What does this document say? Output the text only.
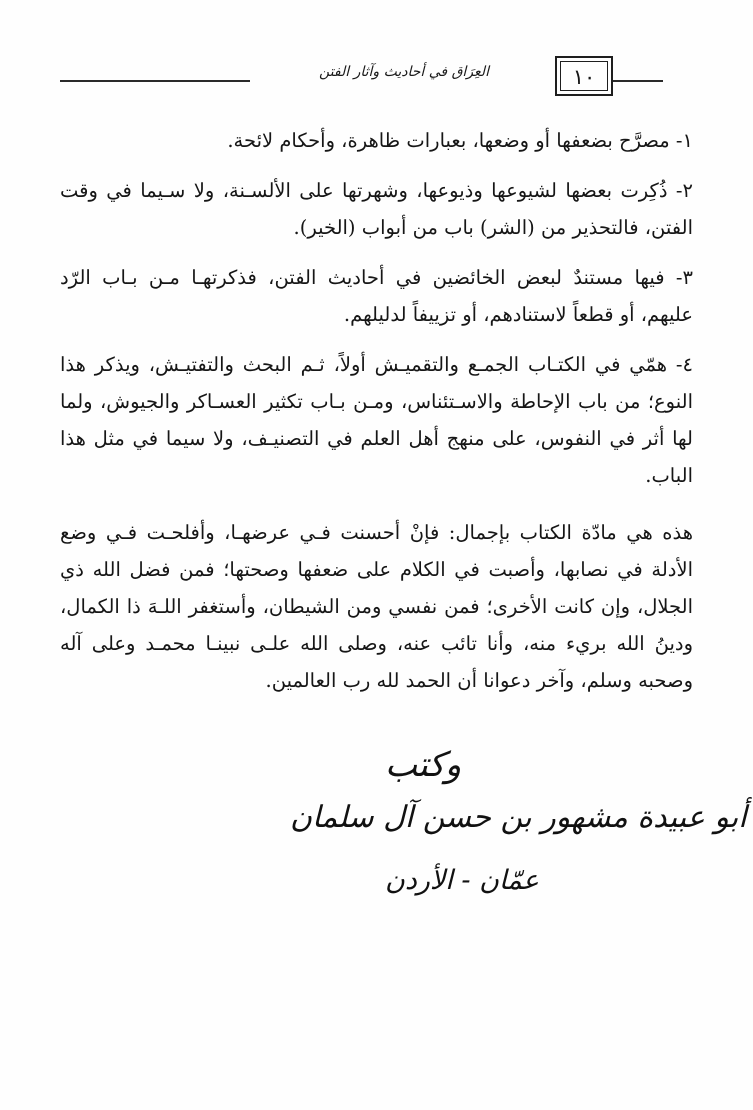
١٠
العِرَاق في أحاديث وآثار الفتن

١- مصرَّح بضعفها أو وضعها، بعبارات ظاهرة، وأحكام لائحة.

٢- ذُكِرت بعضها لشيوعها وذيوعها، وشهرتها على الألسـنة، ولا سـيما في وقت الفتن، فالتحذير من (الشر) باب من أبواب (الخير).

٣- فيها مستندٌ لبعض الخائضين في أحاديث الفتن، فذكرتهـا مـن بـاب الرّد عليهم، أو قطعاً لاستنادهم، أو تزييفاً لدليلهم.

٤- همّي في الكتـاب الجمـع والتقميـش أولاً، ثـم البحث والتفتيـش، ويذكر هذا النوع؛ من باب الإحاطة والاسـتئناس، ومـن بـاب تكثير العسـاكر والجيوش، ولما لها أثر في النفوس، على منهج أهل العلم في التصنيـف، ولا سيما في مثل هذا الباب.

هذه هي مادّة الكتاب بإجمال: فإنْ أحسنت فـي عرضهـا، وأفلحـت فـي وضع الأدلة في نصابها، وأصبت في الكلام على ضعفها وصحتها؛ فمن فضل الله ذي الجلال، وإن كانت الأخرى؛ فمن نفسي ومن الشيطان، وأستغفر اللـهَ ذا الكمال، ودينُ الله بريء منه، وأنا تائب عنه، وصلى الله علـى نبينـا محمـد وعلى آله وصحبه وسلم، وآخر دعوانا أن الحمد لله رب العالمين.

وكتب
أبو عبيدة مشهور بن حسن آل سلمان
عمّان - الأردن
